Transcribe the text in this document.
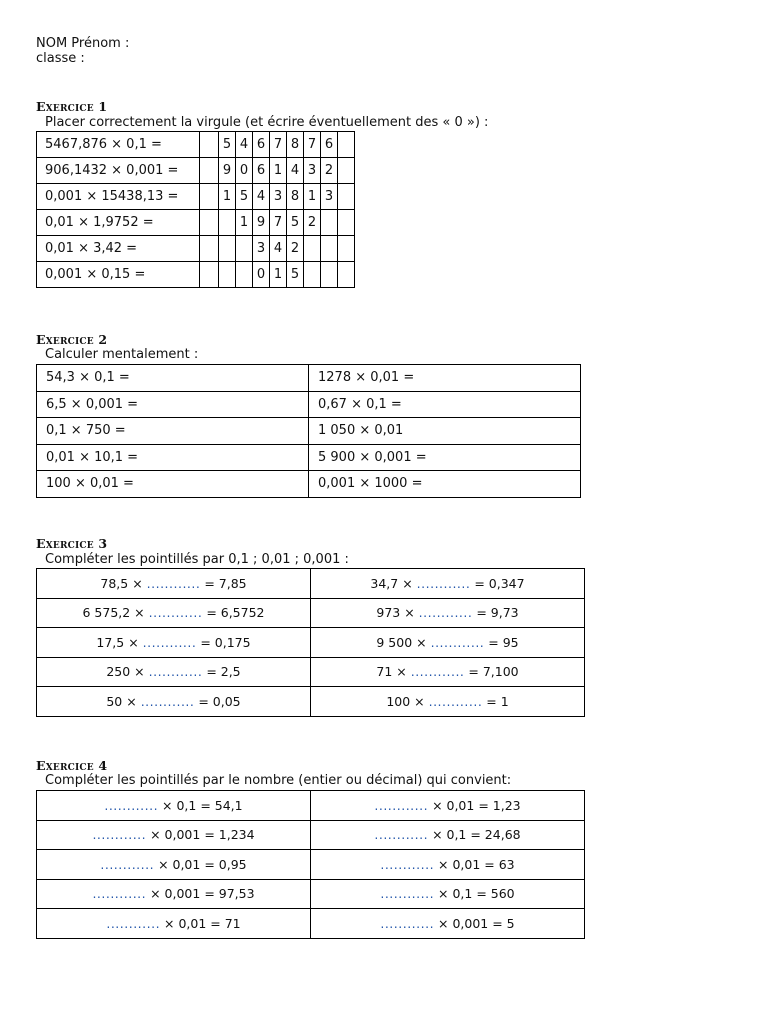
NOM Prénom :
classe :
Exercice 1
Placer correctement la virgule (et écrire éventuellement des « 0 ») :
5467,876 × 0,1 =		5	4	6	7	8	7	6	
906,1432 × 0,001 =		9	0	6	1	4	3	2	
0,001 × 15438,13 =		1	5	4	3	8	1	3	
0,01 × 1,9752 =			1	9	7	5	2		
0,01 × 3,42 =				3	4	2			
0,001 × 0,15 =				0	1	5			
Exercice 2
Calculer mentalement :
54,3 × 0,1 =	1278 × 0,01 =
6,5 × 0,001 =	0,67 × 0,1 =
0,1 × 750 =	1 050 × 0,01
0,01 × 10,1 =	5 900 × 0,001 =
100 × 0,01 =	0,001 × 1000 =
Exercice 3
Compléter les pointillés par 0,1 ; 0,01 ; 0,001 :
78,5 × ............ = 7,85	34,7 × ............ = 0,347
6 575,2 × ............ = 6,5752	973 × ............ = 9,73
17,5 × ............ = 0,175	9 500 × ............ = 95
250 × ............ = 2,5	71 × ............ = 7,100
50 × ............ = 0,05	100 × ............ = 1
Exercice 4
Compléter les pointillés par le nombre (entier ou décimal) qui convient:
............ × 0,1 = 54,1	............ × 0,01 = 1,23
............ × 0,001 = 1,234	............ × 0,1 = 24,68
............ × 0,01 = 0,95	............ × 0,01 = 63
............ × 0,001 = 97,53	............ × 0,1 = 560
............ × 0,01 = 71	............ × 0,001 = 5
